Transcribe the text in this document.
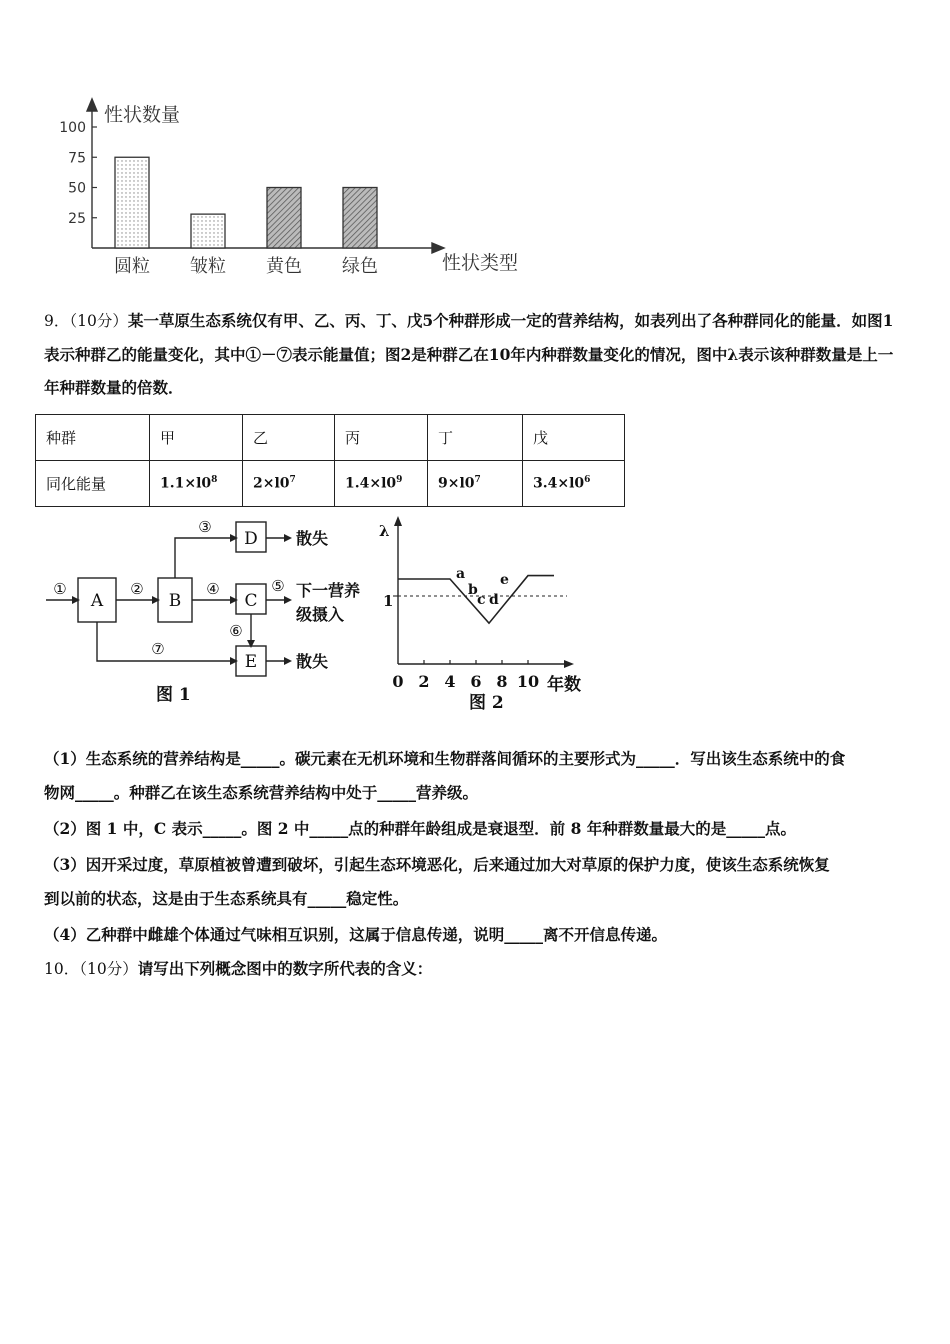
性状数量
性状类型
25
50
75
100
圆粒 皱粒 黄色 绿色
9．（10分）某一草原生态系统仅有甲、乙、丙、丁、戊5个种群形成一定的营养结构，如表列出了各种群同化的能量．如图1表示种群乙的能量变化，其中①－⑦表示能量值；图2是种群乙在10年内种群数量变化的情况，图中λ表示该种群数量是上一年种群数量的倍数．
种群	甲	乙	丙	丁	戊
同化能量	$1.1\times l0^8$	$2\times l0^7$	$1.4\times l0^9$	$9\times l0^7$	$3.4\times l0^6$
A	B	C
D
E
①	②
③
④	⑤
⑥
⑦
散失
下一营养
级摄入
散失
图 1
λ
年数
1
0 2 4 6 8 10
a
b
c d
e
图 2
（1）生态系统的营养结构是_____。碳元素在无机环境和生物群落间循环的主要形式为_____．写出该生态系统中的食
物网_____。种群乙在该生态系统营养结构中处于_____营养级。
（2）图 1 中，C 表示_____。图 2 中_____点的种群年龄组成是衰退型．前 8 年种群数量最大的是_____点。
（3）因开采过度，草原植被曾遭到破坏，引起生态环境恶化，后来通过加大对草原的保护力度，使该生态系统恢复
到以前的状态，这是由于生态系统具有_____稳定性。
（4）乙种群中雌雄个体通过气味相互识别，这属于信息传递，说明_____离不开信息传递。
10．（10分）请写出下列概念图中的数字所代表的含义：
